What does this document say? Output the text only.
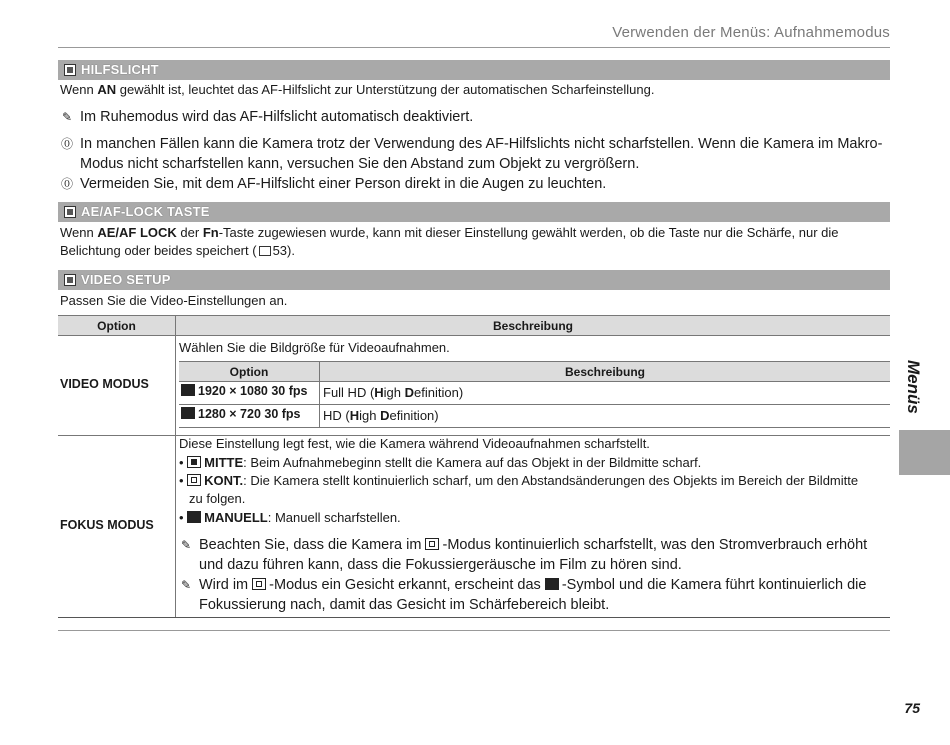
Verwenden der Menüs: Aufnahmemodus
HILFSLICHT
Wenn AN gewählt ist, leuchtet das AF-Hilfslicht zur Unterstützung der automatischen Scharfeinstellung.
✎ Im Ruhemodus wird das AF-Hilfslicht automatisch deaktiviert.
⓪ In manchen Fällen kann die Kamera trotz der Verwendung des AF-Hilfslichts nicht scharfstellen. Wenn die Kamera im Makro-
Modus nicht scharfstellen kann, versuchen Sie den Abstand zum Objekt zu vergrößern.
⓪ Vermeiden Sie, mit dem AF-Hilfslicht einer Person direkt in die Augen zu leuchten.
AE/AF-LOCK TASTE
Wenn AE/AF LOCK der Fn-Taste zugewiesen wurde, kann mit dieser Einstellung gewählt werden, ob die Taste nur die Schärfe, nur die
Belichtung oder beides speichert ( 53).
VIDEO SETUP
Passen Sie die Video-Einstellungen an.
Option	Beschreibung
VIDEO MODUS
Wählen Sie die Bildgröße für Videoaufnahmen.
Option	Beschreibung
1920 × 1080 30 fps Full HD (High Definition)
1280 × 720 30 fps HD (High Definition)
FOKUS MODUS
Diese Einstellung legt fest, wie die Kamera während Videoaufnahmen scharfstellt.
• MITTE: Beim Aufnahmebeginn stellt die Kamera auf das Objekt in der Bildmitte scharf.
• KONT.: Die Kamera stellt kontinuierlich scharf, um den Abstandsänderungen des Objekts im Bereich der Bildmitte
zu folgen.
• MANUELL: Manuell scharfstellen.
✎ Beachten Sie, dass die Kamera im -Modus kontinuierlich scharfstellt, was den Stromverbrauch erhöht
und dazu führen kann, dass die Fokussiergeräusche im Film zu hören sind.
✎ Wird im -Modus ein Gesicht erkannt, erscheint das -Symbol und die Kamera führt kontinuierlich die
Fokussierung nach, damit das Gesicht im Schärfebereich bleibt.
Menüs
75
